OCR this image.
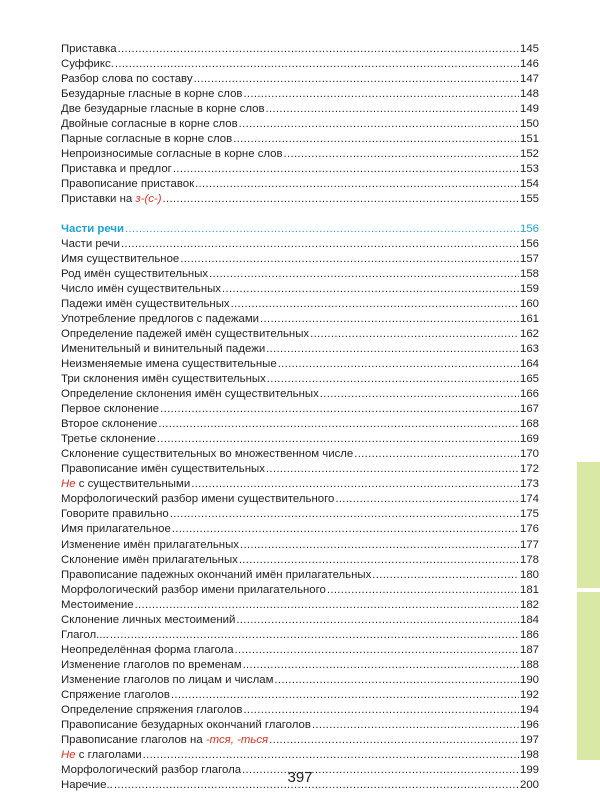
Приставка .....	145
Суффикс. .....	146
Разбор слова по составу .....	147
Безударные гласные в корне слов .....	148
Две безударные гласные в корне слов .....	149
Двойные согласные в корне слов .....	150
Парные согласные в корне слов .....	151
Непроизносимые согласные в корне слов .....	152
Приставка и предлог .....	153
Правописание приставок .....	154
Приставки на з-(с-) .....	155
Части речи .....	156
Части речи .....	156
Имя существительное .....	157
Род имён существительных .....	158
Число имён существительных .....	159
Падежи имён существительных .....	160
Употребление предлогов с падежами .....	161
Определение падежей имён существительных .....	162
Именительный и винительный падежи .....	163
Неизменяемые имена существительные .....	164
Три склонения имён существительных .....	165
Определение склонения имён существительных .....	166
Первое склонение .....	167
Второе склонение .....	168
Третье склонение .....	169
Склонение существительных во множественном числе .....	170
Правописание имён существительных .....	172
Не с существительными .....	173
Морфологический разбор имени существительного .....	174
Говорите правильно .....	175
Имя прилагательное .....	176
Изменение имён прилагательных .....	177
Склонение имён прилагательных .....	178
Правописание падежных окончаний имён прилагательных .....	180
Морфологический разбор имени прилагательного .....	181
Местоимение .....	182
Склонение личных местоимений .....	184
Глагол.... .....	186
Неопределённая форма глагола .....	187
Изменение глаголов по временам .....	188
Изменение глаголов по лицам и числам .....	190
Спряжение глаголов .....	192
Определение спряжения глаголов .....	194
Правописание безударных окончаний глаголов .....	196
Правописание глаголов на -тся, -ться .....	197
Не с глаголами .....	198
Морфологический разбор глагола .....	199
Наречие.. .....	200
397
